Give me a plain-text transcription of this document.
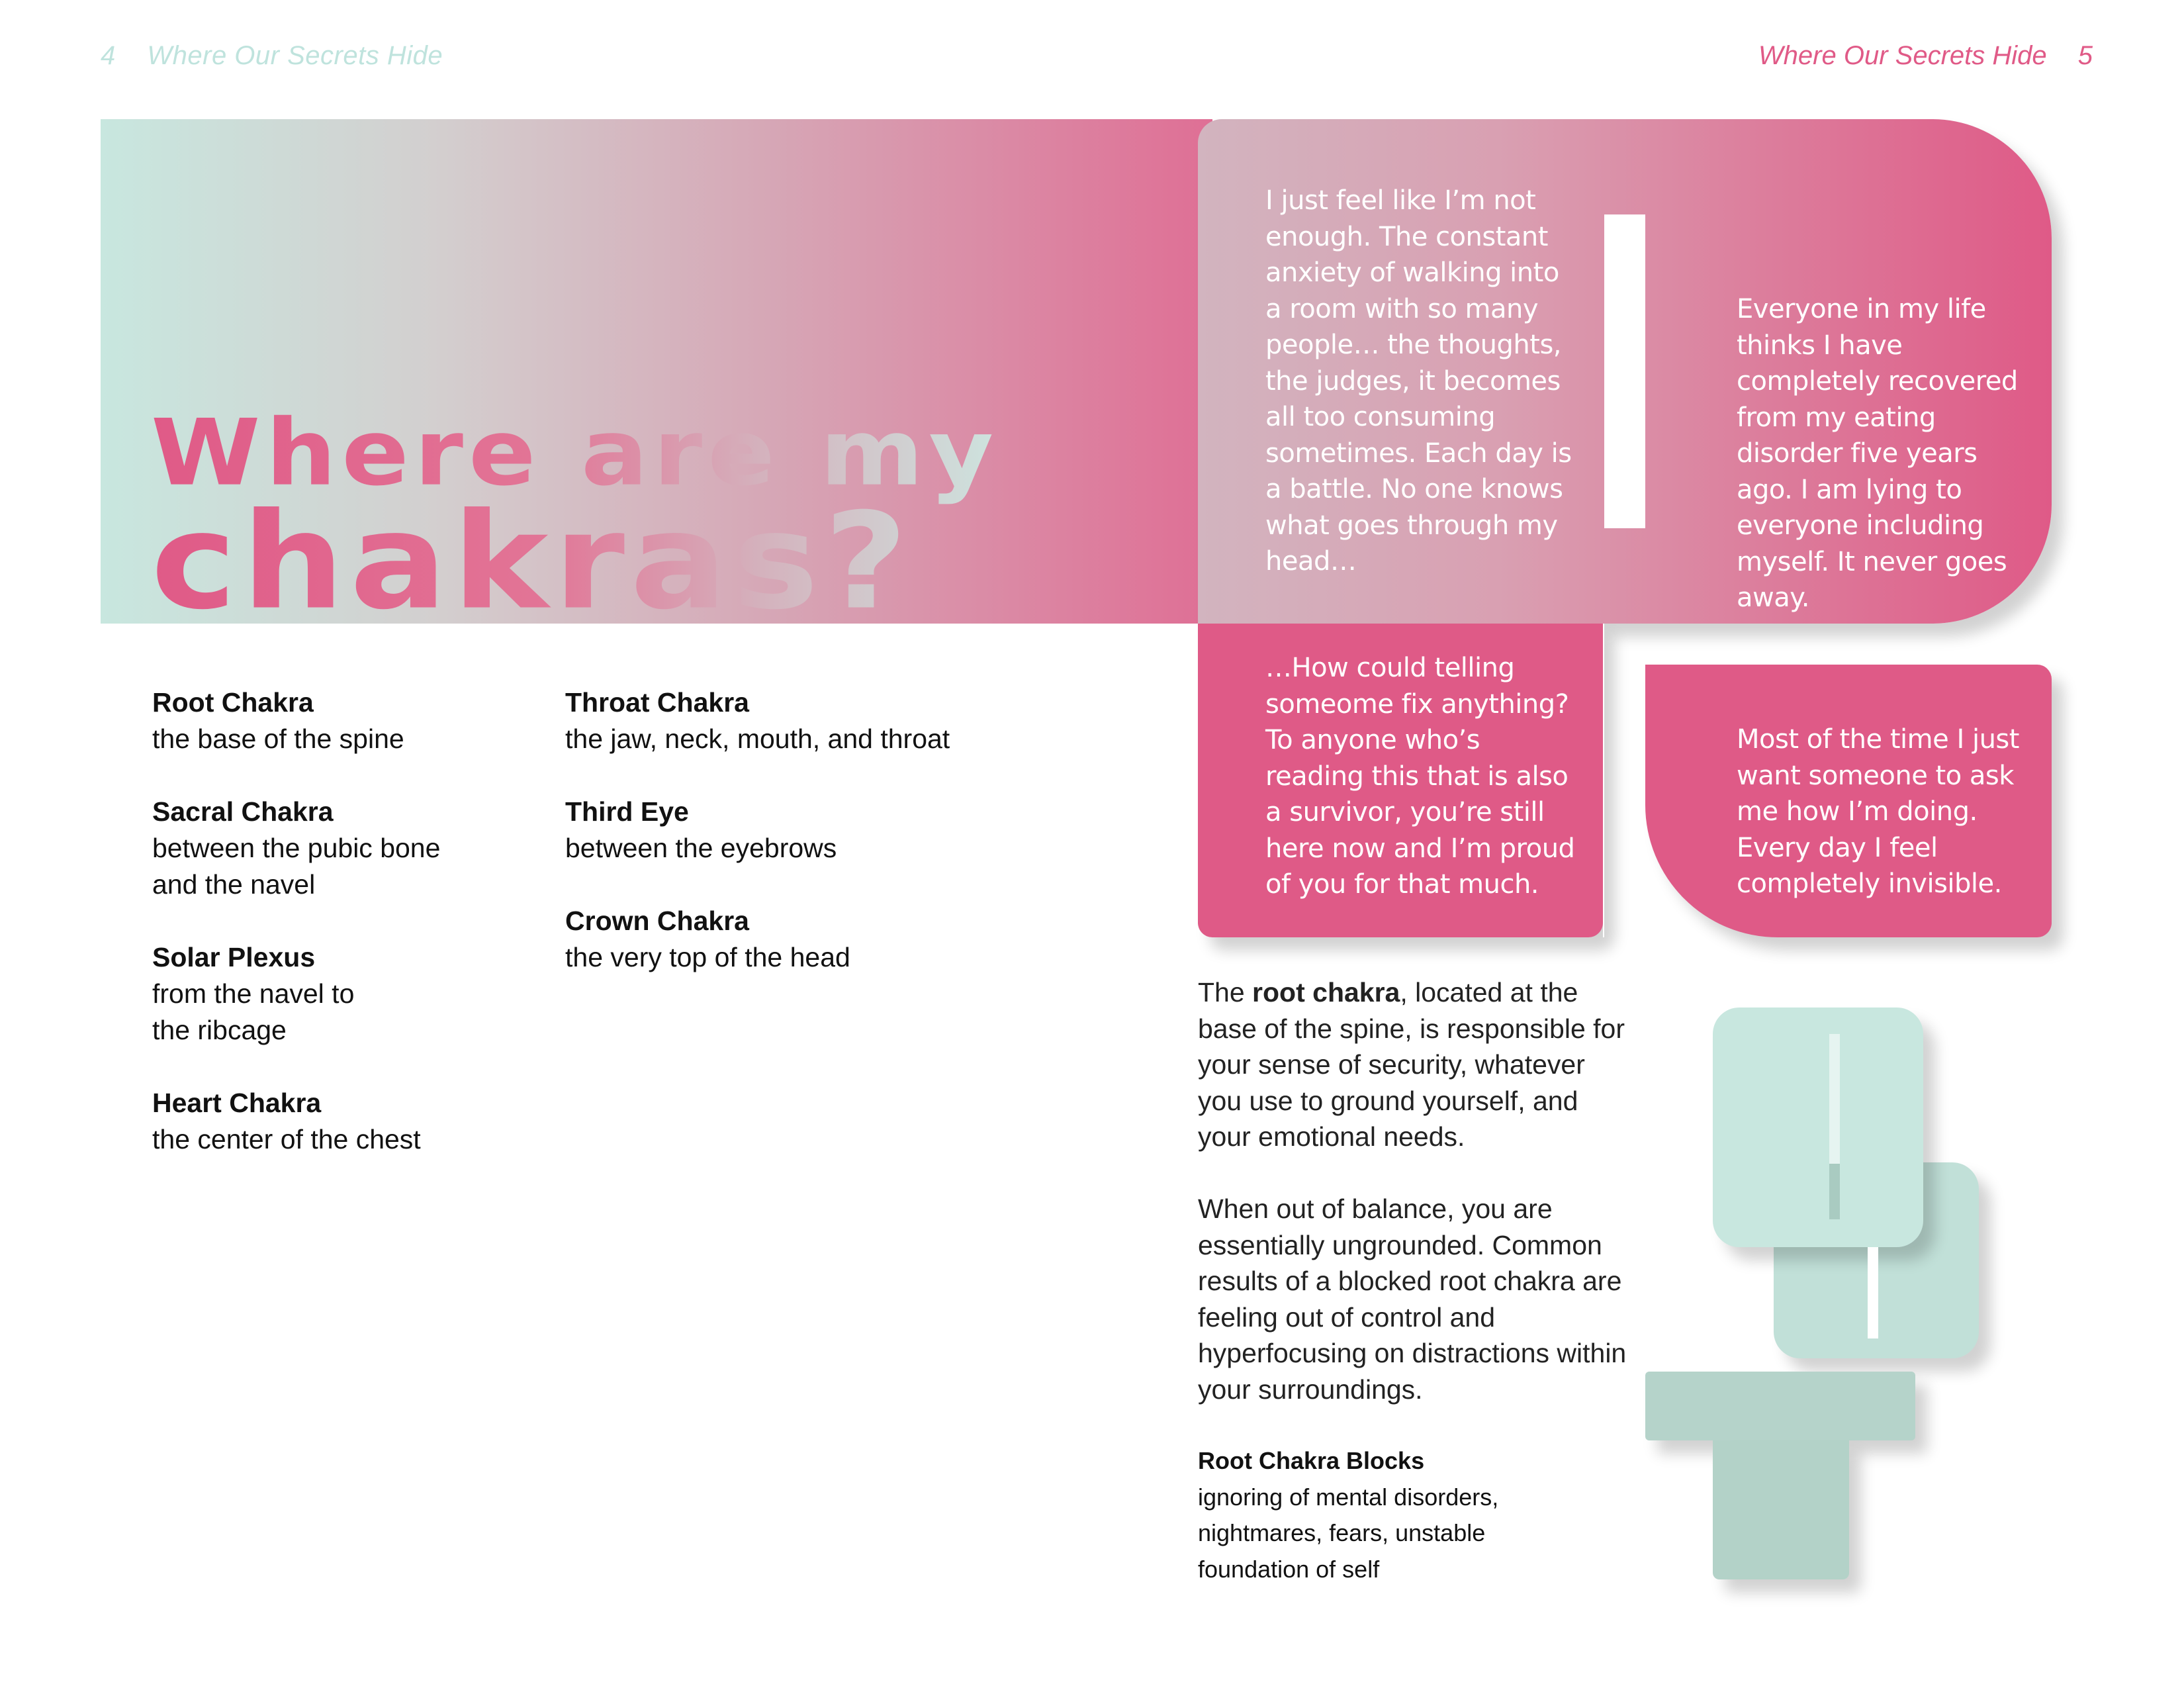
4 Where Our Secrets Hide	Where Our Secrets Hide 5
Where are my
chakras?
Root Chakra
the base of the spine
Sacral Chakra
between the pubic bone and the navel
Solar Plexus
from the navel to the ribcage
Heart Chakra
the center of the chest
Throat Chakra
the jaw, neck, mouth, and throat
Third Eye
between the eyebrows
Crown Chakra
the very top of the head
I just feel like I’m not enough. The constant anxiety of walking into a room with so many people… the thoughts, the judges, it becomes all too consuming sometimes. Each day is a battle. No one knows what goes through my head…
Everyone in my life thinks I have completely recovered from my eating disorder five years ago. I am lying to everyone including myself. It never goes away.
…How could telling someome fix anything? To anyone who’s reading this that is also a survivor, you’re still here now and I’m proud of you for that much.
Most of the time I just want someone to ask me how I’m doing. Every day I feel completely invisible.

The root chakra, located at the base of the spine, is responsible for your sense of security, whatever you use to ground yourself, and your emotional needs.

When out of balance, you are essentially ungrounded. Common results of a blocked root chakra are feeling out of control and hyperfocusing on distractions within your surroundings.

Root Chakra Blocks
ignoring of mental disorders, nightmares, fears, unstable foundation of self
